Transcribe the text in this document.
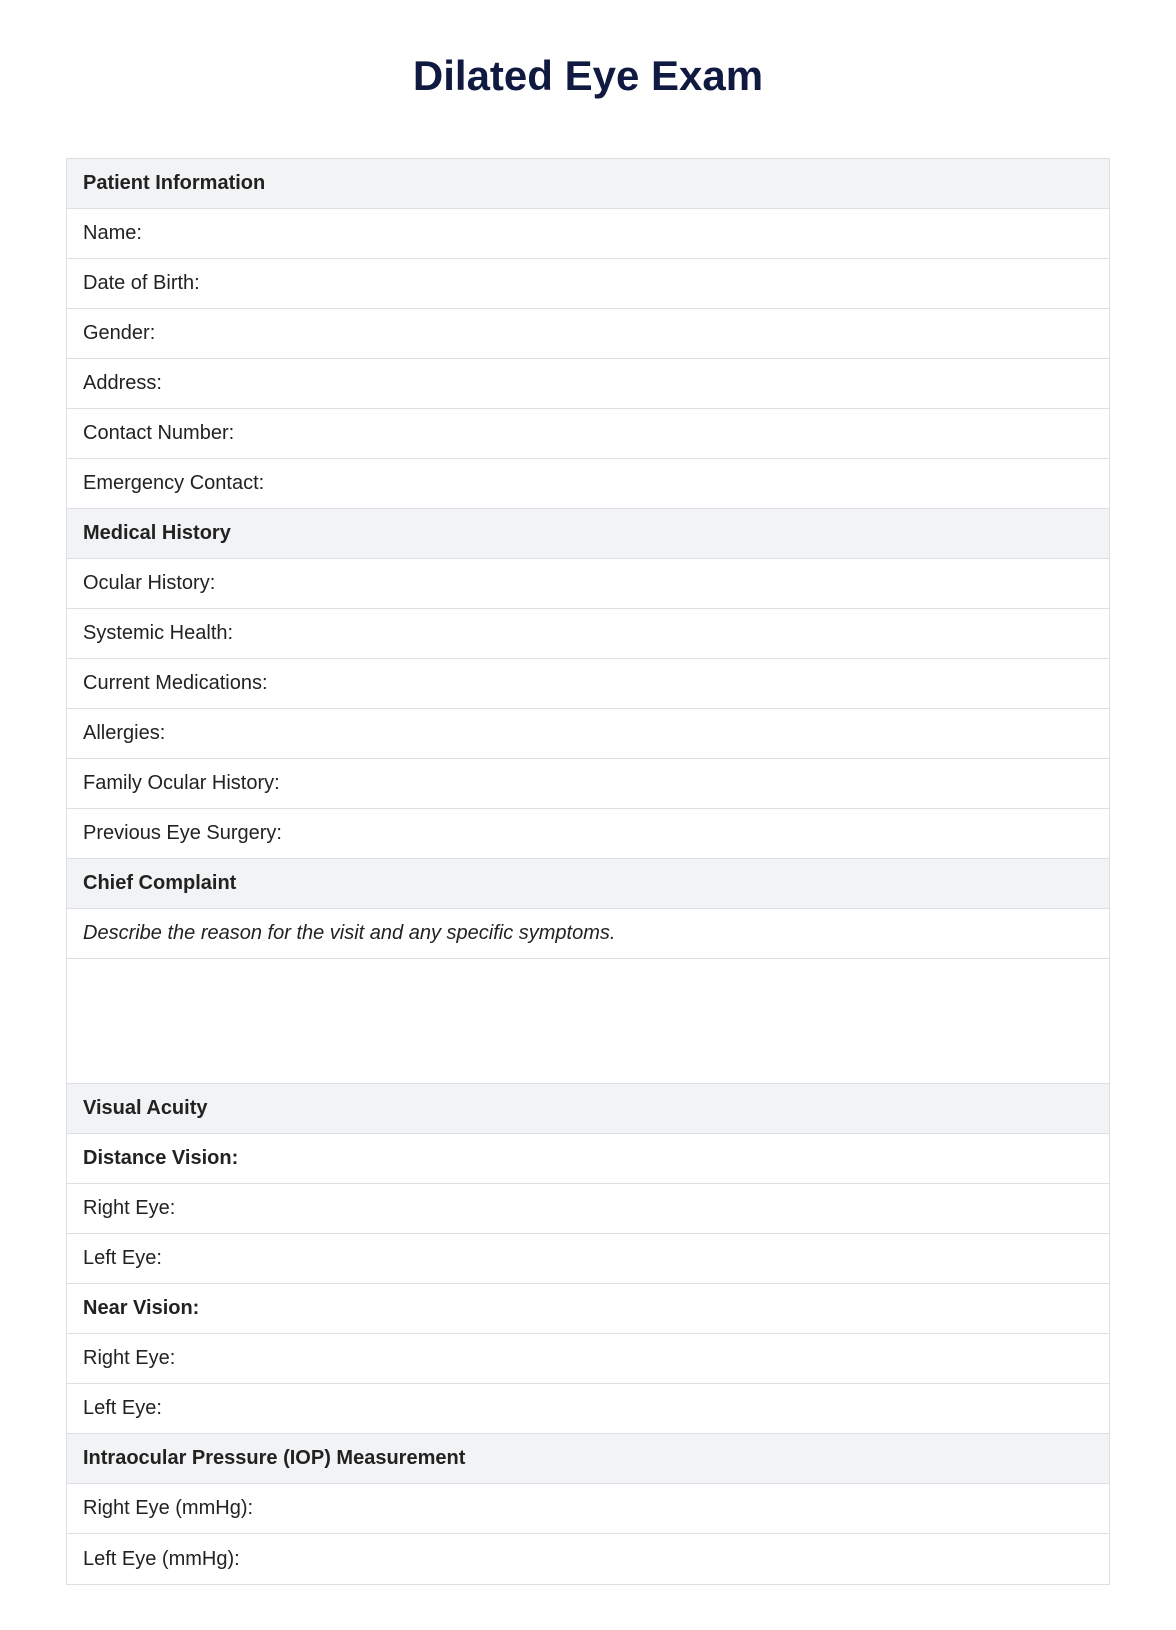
Dilated Eye Exam
Patient Information
Name:
Date of Birth:
Gender:
Address:
Contact Number:
Emergency Contact:
Medical History
Ocular History:
Systemic Health:
Current Medications:
Allergies:
Family Ocular History:
Previous Eye Surgery:
Chief Complaint
Describe the reason for the visit and any specific symptoms.
Visual Acuity
Distance Vision:
Right Eye:
Left Eye:
Near Vision:
Right Eye:
Left Eye:
Intraocular Pressure (IOP) Measurement
Right Eye (mmHg):
Left Eye (mmHg):
